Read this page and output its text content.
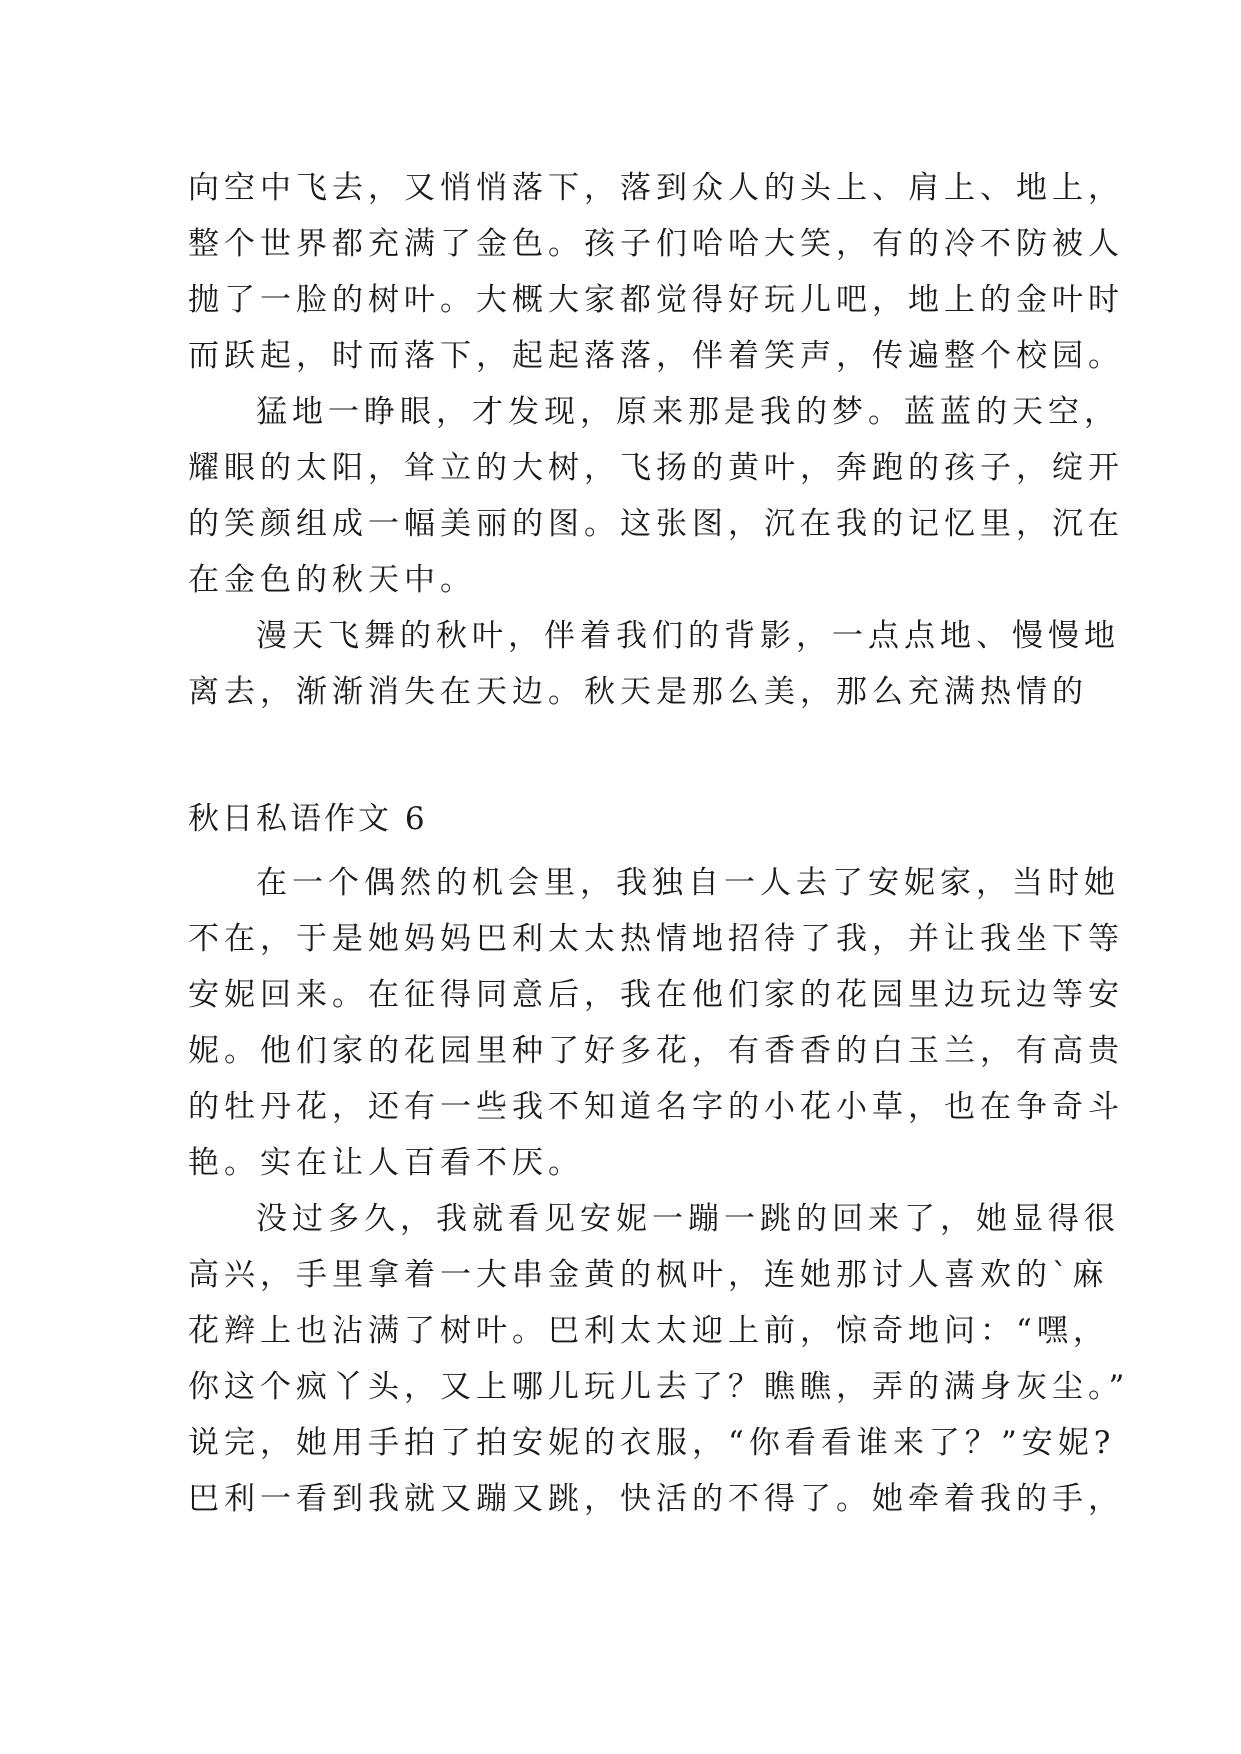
向空中飞去，又悄悄落下，落到众人的头上、肩上、地上，
整个世界都充满了金色。孩子们哈哈大笑，有的冷不防被人
抛了一脸的树叶。大概大家都觉得好玩儿吧，地上的金叶时
而跃起，时而落下，起起落落，伴着笑声，传遍整个校园。
猛地一睁眼，才发现，原来那是我的梦。蓝蓝的天空，
耀眼的太阳，耸立的大树，飞扬的黄叶，奔跑的孩子，绽开
的笑颜组成一幅美丽的图。这张图，沉在我的记忆里，沉在
在金色的秋天中。
漫天飞舞的秋叶，伴着我们的背影，一点点地、慢慢地
离去，渐渐消失在天边。秋天是那么美，那么充满热情的
秋日私语作文 6
在一个偶然的机会里，我独自一人去了安妮家，当时她
不在，于是她妈妈巴利太太热情地招待了我，并让我坐下等
安妮回来。在征得同意后，我在他们家的花园里边玩边等安
妮。他们家的花园里种了好多花，有香香的白玉兰，有高贵
的牡丹花，还有一些我不知道名字的小花小草，也在争奇斗
艳。实在让人百看不厌。
没过多久，我就看见安妮一蹦一跳的回来了，她显得很
高兴，手里拿着一大串金黄的枫叶，连她那讨人喜欢的`麻
花辫上也沾满了树叶。巴利太太迎上前，惊奇地问：“嘿，
你这个疯丫头，又上哪儿玩儿去了？瞧瞧，弄的满身灰尘。”
说完，她用手拍了拍安妮的衣服，“你看看谁来了？”安妮?
巴利一看到我就又蹦又跳，快活的不得了。她牵着我的手，
